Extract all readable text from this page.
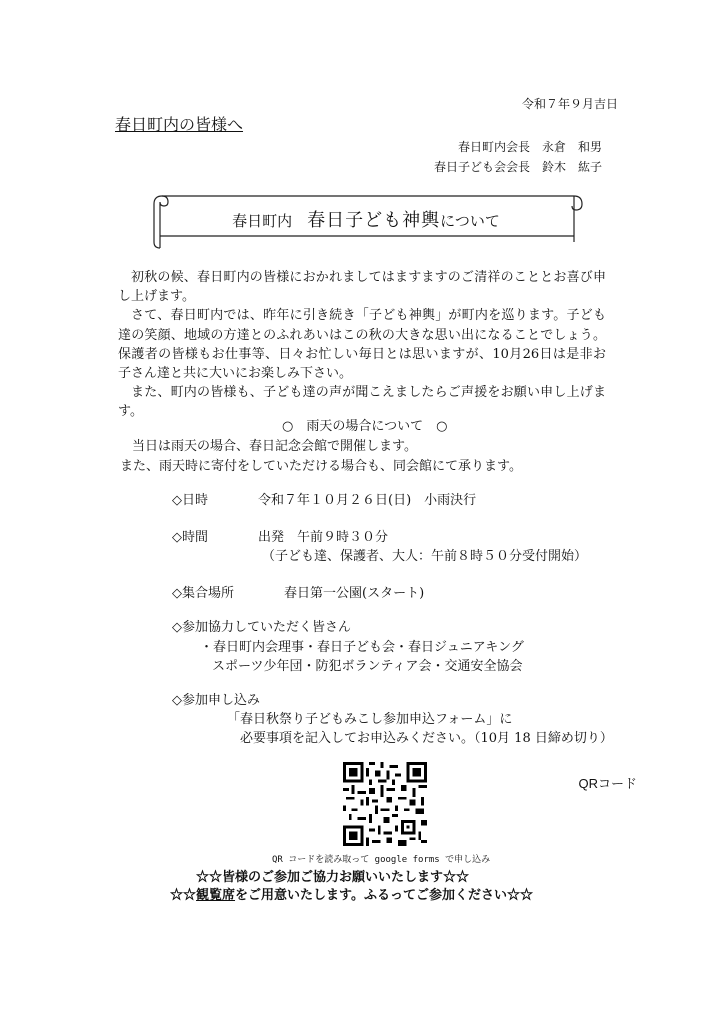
令和７年９月吉日
春日町内の皆様へ
春日町内会長　 永倉　和男
春日子ども会会長　 鈴木　紘子
春日町内　 春日子ども神輿について

初秋の候、春日町内の皆様におかれましてはますますのご清祥のこととお喜び申し上げます。

さて、春日町内では、昨年に引き続き「子ども神輿」が町内を巡ります。子ども達の笑顔、地域の方達とのふれあいはこの秋の大きな思い出になることでしょう。保護者の皆様もお仕事等、日々お忙しい毎日とは思いますが、10月26日は是非お子さん達と共に大いにお楽しみ下さい。

また、町内の皆様も、子ども達の声が聞こえましたらご声援をお願い申し上げます。

○　雨天の場合について　○
当日は雨天の場合、春日記念会館で開催します。
また、雨天時に寄付をしていただける場合も、同会館にて承ります。
◇日時	令和７年１０月２６日(日)　小雨決行
◇時間	出発　午前９時３０分
（子ども達、保護者、大人：午前８時５０分受付開始）
◇集合場所	春日第一公園(スタート)
◇参加協力していただく皆さん
・春日町内会理事・春日子ども会・春日ジュニアキング
スポーツ少年団・防犯ボランティア会・交通安全協会
◇参加申し込み
「春日秋祭り子どもみこし参加申込フォーム」に
必要事項を記入してお申込みください。（10月 18 日締め切り）
QRコード
QR コードを読み取って google forms で申し込み
☆☆皆様のご参加ご協力お願いいたします☆☆
☆☆観覧席をご用意いたします。ふるってご参加ください☆☆
